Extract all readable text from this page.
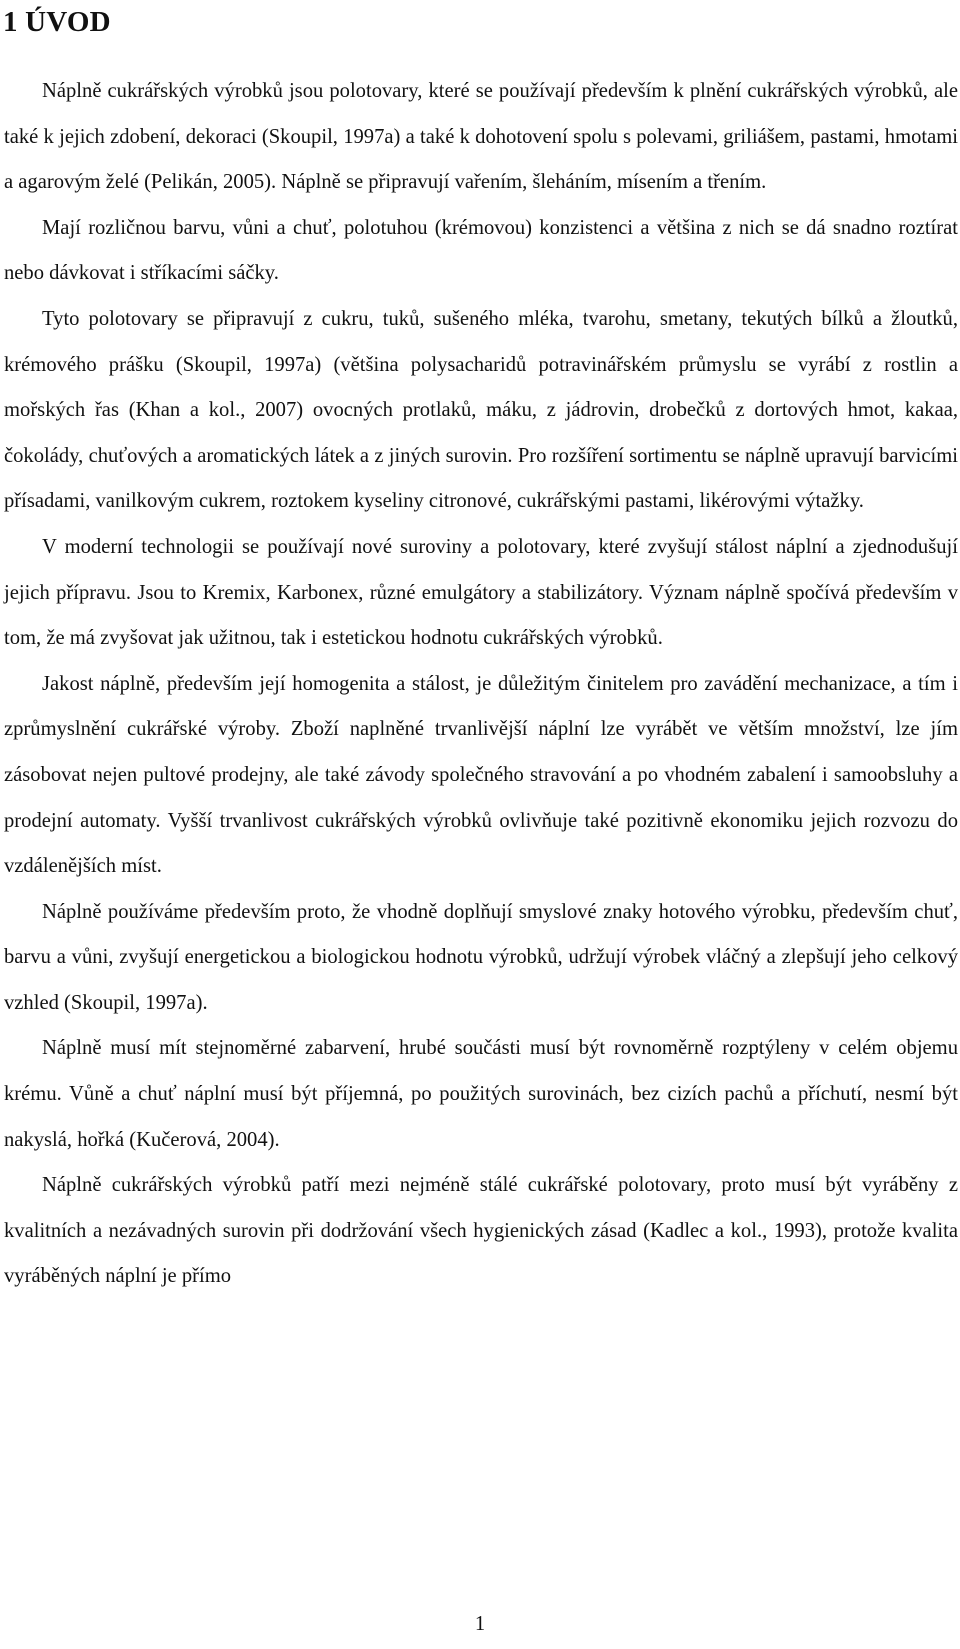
1 ÚVOD

Náplně cukrářských výrobků jsou polotovary, které se používají především k plnění cukrářských výrobků, ale také k jejich zdobení, dekoraci (Skoupil, 1997a) a také k dohotovení spolu s polevami, griliášem, pastami, hmotami a agarovým želé (Pelikán, 2005). Náplně se připravují vařením, šleháním, mísením a třením.

Mají rozličnou barvu, vůni a chuť, polotuhou (krémovou) konzistenci a většina z nich se dá snadno roztírat nebo dávkovat i stříkacími sáčky.

Tyto polotovary se připravují z cukru, tuků, sušeného mléka, tvarohu, smetany, tekutých bílků a žloutků, krémového prášku (Skoupil, 1997a) (většina polysacharidů potravinářském průmyslu se vyrábí z rostlin a mořských řas (Khan a kol., 2007) ovocných protlaků, máku, z jádrovin, drobečků z dortových hmot, kakaa, čokolády, chuťových a aromatických látek a z jiných surovin. Pro rozšíření sortimentu se náplně upravují barvicími přísadami, vanilkovým cukrem, roztokem kyseliny citronové, cukrářskými pastami, likérovými výtažky.

V moderní technologii se používají nové suroviny a polotovary, které zvyšují stálost náplní a zjednodušují jejich přípravu. Jsou to Kremix, Karbonex, různé emulgátory a stabilizátory. Význam náplně spočívá především v tom, že má zvyšovat jak užitnou, tak i estetickou hodnotu cukrářských výrobků.

Jakost náplně, především její homogenita a stálost, je důležitým činitelem pro zavádění mechanizace, a tím i zprůmyslnění cukrářské výroby. Zboží naplněné trvanlivější náplní lze vyrábět ve větším množství, lze jím zásobovat nejen pultové prodejny, ale také závody společného stravování a po vhodném zabalení i samoobsluhy a prodejní automaty. Vyšší trvanlivost cukrářských výrobků ovlivňuje také pozitivně ekonomiku jejich rozvozu do vzdálenějších míst.

Náplně používáme především proto, že vhodně doplňují smyslové znaky hotového výrobku, především chuť, barvu a vůni, zvyšují energetickou a biologickou hodnotu výrobků, udržují výrobek vláčný a zlepšují jeho celkový vzhled (Skoupil, 1997a).

Náplně musí mít stejnoměrné zabarvení, hrubé součásti musí být rovnoměrně rozptýleny v celém objemu krému. Vůně a chuť náplní musí být příjemná, po použitých surovinách, bez cizích pachů a příchutí, nesmí být nakyslá, hořká (Kučerová, 2004).

Náplně cukrářských výrobků patří mezi nejméně stálé cukrářské polotovary, proto musí být vyráběny z kvalitních a nezávadných surovin při dodržování všech hygienických zásad (Kadlec a kol., 1993), protože kvalita vyráběných náplní je přímo

1
